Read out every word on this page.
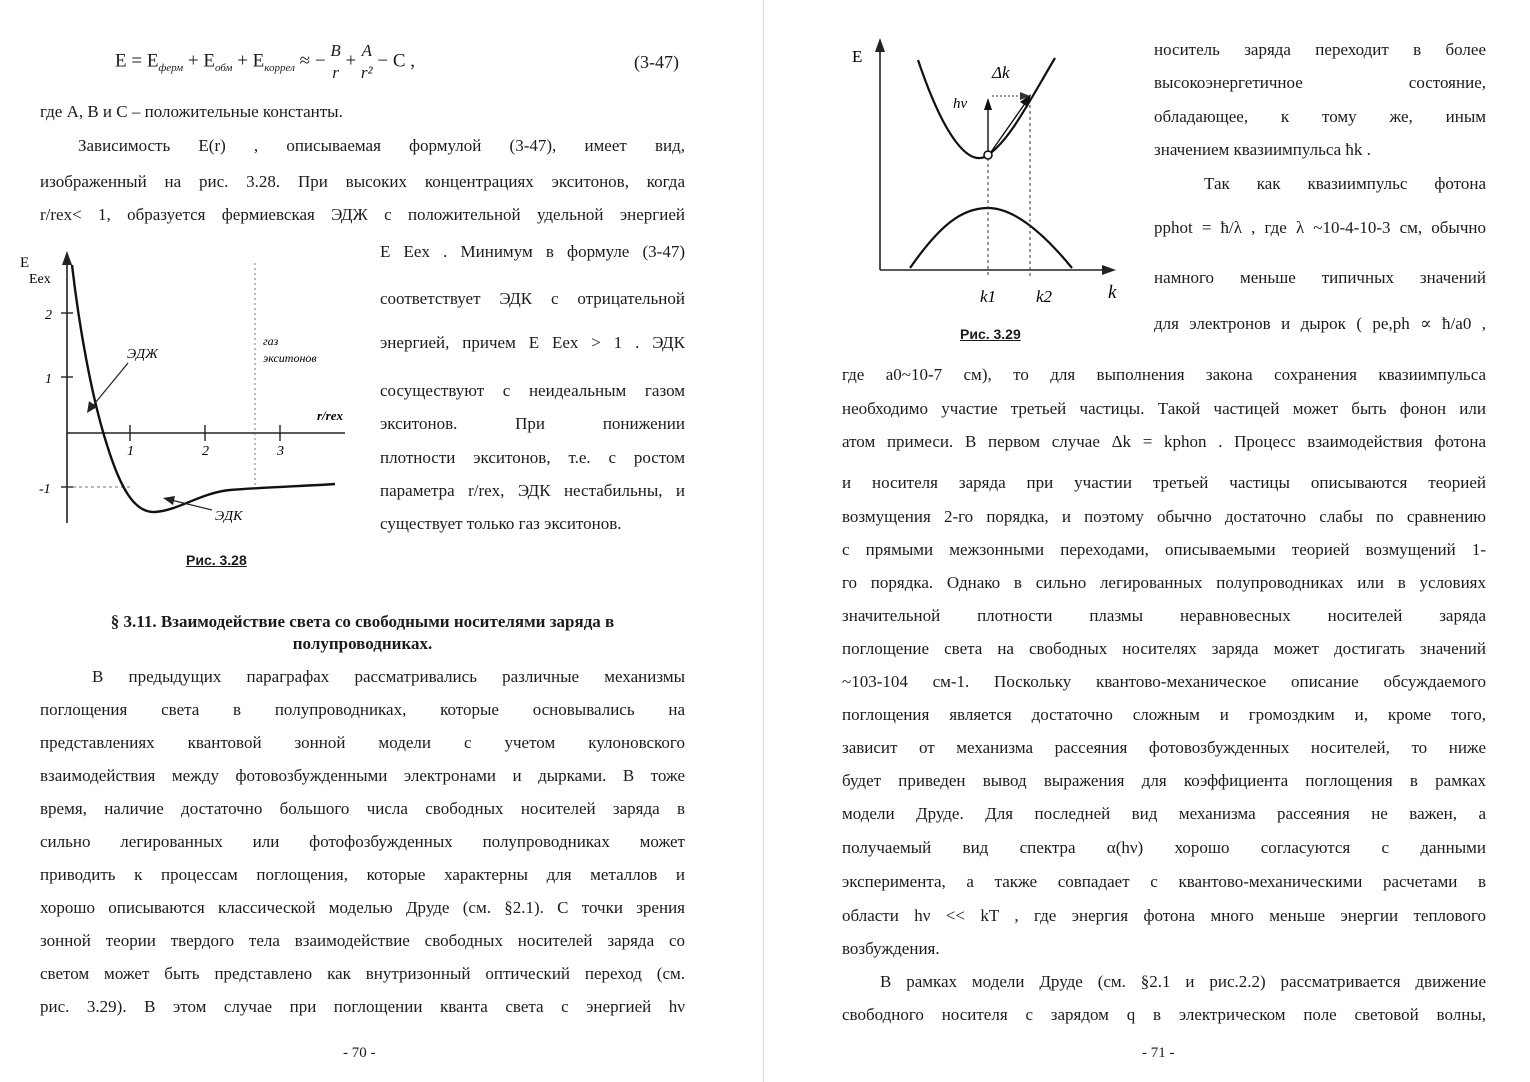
$E = E_{ферм} + E_{обм} + E_{коррел}$ ≈ − B
r
+ A
r²
− C ,	(3-47)
где A, B и C – положительные константы.
Зависимость E(r) , описываемая формулой (3-47), имеет вид,
изображенный на рис. 3.28. При высоких концентрациях экситонов, когда
r/rex< 1, образуется фермиевская ЭДЖ с положительной удельной энергией
E Eex . Минимум в формуле (3-47)
соответствует ЭДК с отрицательной
энергией, причем E Eex > 1 . ЭДК
сосуществуют с неидеальным газом
экситонов. При понижении
плотности экситонов, т.е. с ростом
параметра r/rex, ЭДК нестабильны, и
существует только газ экситонов.
E
Eex
2
1
-1
1	2	3
r/rex
ЭДЖ
газ
экситонов
ЭДК
Рис. 3.28
§ 3.11. Взаимодействие света со свободными носителями заряда в
полупроводниках.
В предыдущих параграфах рассматривались различные механизмы
поглощения света в полупроводниках, которые основывались на
представлениях квантовой зонной модели с учетом кулоновского
взаимодействия между фотовозбужденными электронами и дырками. В тоже
время, наличие достаточно большого числа свободных носителей заряда в
сильно легированных или фотофозбужденных полупроводниках может
приводить к процессам поглощения, которые характерны для металлов и
хорошо описываются классической моделью Друде (см. §2.1). С точки зрения
зонной теории твердого тела взаимодействие свободных носителей заряда со
светом может быть представлено как внутризонный оптический переход (см.
рис. 3.29). В этом случае при поглощении кванта света с энергией hν
- 70 -
E
Δk
hν
k1 k2	k
Рис. 3.29
носитель заряда переходит в более
высокоэнергетичное состояние,
обладающее, к тому же, иным
значением квазиимпульса ħk .
Так как квазиимпульс фотона
pphot = ħ/λ , где λ ~10-4-10-3 см, обычно
намного меньше типичных значений
для электронов и дырок ( pe,ph ∝ ħ/a0 ,
где a0~10-7 см), то для выполнения закона сохранения квазиимпульса
необходимо участие третьей частицы. Такой частицей может быть фонон или
атом примеси. В первом случае Δk = kphon . Процесс взаимодействия фотона
и носителя заряда при участии третьей частицы описываются теорией
возмущения 2-го порядка, и поэтому обычно достаточно слабы по сравнению
с прямыми межзонными переходами, описываемыми теорией возмущений 1-
го порядка. Однако в сильно легированных полупроводниках или в условиях
значительной плотности плазмы неравновесных носителей заряда
поглощение света на свободных носителях заряда может достигать значений
~103-104 см-1. Поскольку квантово-механическое описание обсуждаемого
поглощения является достаточно сложным и громоздким и, кроме того,
зависит от механизма рассеяния фотовозбужденных носителей, то ниже
будет приведен вывод выражения для коэффициента поглощения в рамках
модели Друде. Для последней вид механизма рассеяния не важен, а
получаемый вид спектра α(hν) хорошо согласуются с данными
эксперимента, а также совпадает с квантово-механическими расчетами в
области hν << kT , где энергия фотона много меньше энергии теплового
возбуждения.
В рамках модели Друде (см. §2.1 и рис.2.2) рассматривается движение
свободного носителя с зарядом q в электрическом поле световой волны,
- 71 -
